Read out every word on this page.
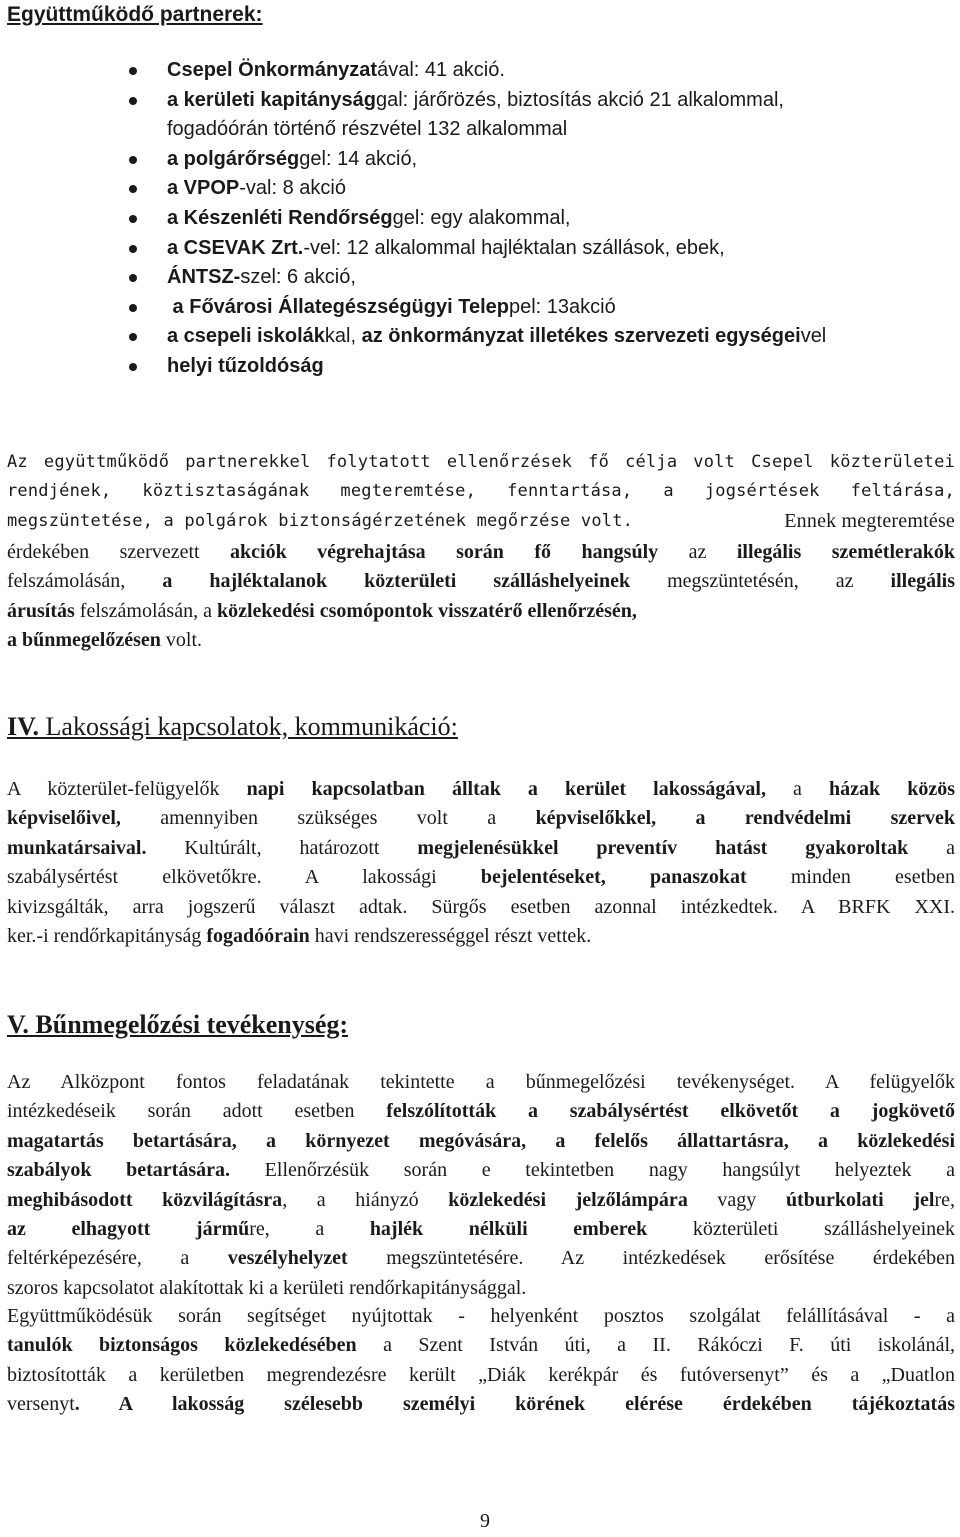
Együttműködő partnerek:
Csepel Önkormányzatával: 41 akció.
a kerületi kapitánysággal: járőrözés, biztosítás akció 21 alkalommal,
fogadóórán történő részvétel 132 alkalommal
a polgárőrséggel: 14 akció,
a VPOP-val: 8 akció
a Készenléti Rendőrséggel: egy alakommal,
a CSEVAK Zrt.-vel: 12 alkalommal hajléktalan szállások, ebek,
ÁNTSZ-szel: 6 akció,
a Fővárosi Állategészségügyi Teleppel: 13akció
a csepeli iskolákkal, az önkormányzat illetékes szervezeti egységeivel
helyi tűzoldóság
Az együttműködő partnerekkel folytatott ellenőrzések fő célja volt Csepel közterületei
rendjének, köztisztaságának megteremtése, fenntartása, a jogsértések feltárása,
megszüntetése, a polgárok biztonságérzetének megőrzése volt.	Ennek megteremtése
érdekében szervezett akciók végrehajtása során fő hangsúly az illegális szemétlerakók
felszámolásán, a hajléktalanok közterületi szálláshelyeinek megszüntetésén, az illegális
árusítás felszámolásán, a közlekedési csomópontok visszatérő ellenőrzésén,
a bűnmegelőzésen volt.
IV. Lakossági kapcsolatok, kommunikáció:
A közterület-felügyelők napi kapcsolatban álltak a kerület lakosságával, a házak közös
képviselőivel, amennyiben szükséges volt a képviselőkkel, a rendvédelmi szervek
munkatársaival. Kultúrált, határozott megjelenésükkel preventív hatást gyakoroltak a
szabálysértést elkövetőkre. A lakossági bejelentéseket, panaszokat minden esetben
kivizsgálták, arra jogszerű választ adtak. Sürgős esetben azonnal intézkedtek. A BRFK XXI.
ker.-i rendőrkapitányság fogadóórain havi rendszerességgel részt vettek.
V. Bűnmegelőzési tevékenység:
Az Alközpont fontos feladatának tekintette a bűnmegelőzési tevékenységet. A felügyelők
intézkedéseik során adott esetben felszólították a szabálysértést elkövetőt a jogkövető
magatartás betartására, a környezet megóvására, a felelős állattartásra, a közlekedési
szabályok betartására. Ellenőrzésük során e tekintetben nagy hangsúlyt helyeztek a
meghibásodott közvilágításra, a hiányzó közlekedési jelzőlámpára vagy útburkolati jelre,
az elhagyott járműre, a hajlék nélküli emberek közterületi szálláshelyeinek
feltérképezésére, a veszélyhelyzet megszüntetésére. Az intézkedések erősítése érdekében
szoros kapcsolatot alakítottak ki a kerületi rendőrkapitánysággal.
Együttműködésük során segítséget nyújtottak - helyenként posztos szolgálat felállításával - a
tanulók biztonságos közlekedésében a Szent István úti, a II. Rákóczi F. úti iskolánál,
biztosították a kerületben megrendezésre került „Diák kerékpár és futóversenyt” és a „Duatlon
versenyt. A lakosság szélesebb személyi körének elérése érdekében tájékoztatás
9
